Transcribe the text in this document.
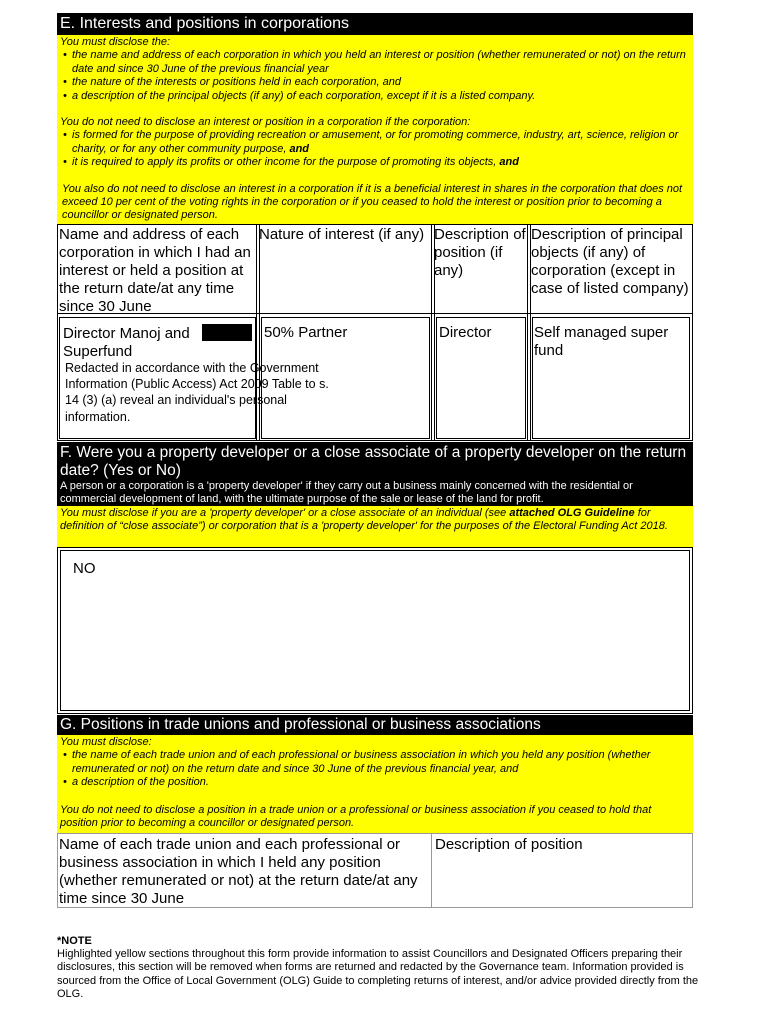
E. Interests and positions in corporations
You must disclose the:
• the name and address of each corporation in which you held an interest or position (whether remunerated or not) on the return date and since 30 June of the previous financial year
• the nature of the interests or positions held in each corporation, and
• a description of the principal objects (if any) of each corporation, except if it is a listed company.
You do not need to disclose an interest or position in a corporation if the corporation:
• is formed for the purpose of providing recreation or amusement, or for promoting commerce, industry, art, science, religion or charity, or for any other community purpose, and
• it is required to apply its profits or other income for the purpose of promoting its objects, and
You also do not need to disclose an interest in a corporation if it is a beneficial interest in shares in the corporation that does not exceed 10 per cent of the voting rights in the corporation or if you ceased to hold the interest or position prior to becoming a councillor or designated person.
Name and address of each corporation in which I had an interest or held a position at the return date/at any time since 30 June
Nature of interest (if any) Description of position (if any)
Description of principal objects (if any) of corporation (except in case of listed company)
Director Manoj and
Superfund
Redacted in accordance with the Government Information (Public Access) Act 2009 Table to s. 14 (3) (a) reveal an individual's personal information.
50% Partner	Director	Self managed super fund
F. Were you a property developer or a close associate of a property developer on the return date? (Yes or No)
A person or a corporation is a 'property developer' if they carry out a business mainly concerned with the residential or commercial development of land, with the ultimate purpose of the sale or lease of the land for profit.
You must disclose if you are a 'property developer' or a close associate of an individual (see attached OLG Guideline for definition of “close associate”) or corporation that is a 'property developer' for the purposes of the Electoral Funding Act 2018.
NO
G. Positions in trade unions and professional or business associations
You must disclose:
• the name of each trade union and of each professional or business association in which you held any position (whether remunerated or not) on the return date and since 30 June of the previous financial year, and
• a description of the position.
You do not need to disclose a position in a trade union or a professional or business association if you ceased to hold that position prior to becoming a councillor or designated person.
Name of each trade union and each professional or business association in which I held any position (whether remunerated or not) at the return date/at any time since 30 June
Description of position
*NOTE
Highlighted yellow sections throughout this form provide information to assist Councillors and Designated Officers preparing their disclosures, this section will be removed when forms are returned and redacted by the Governance team. Information provided is sourced from the Office of Local Government (OLG) Guide to completing returns of interest, and/or advice provided directly from the OLG.
